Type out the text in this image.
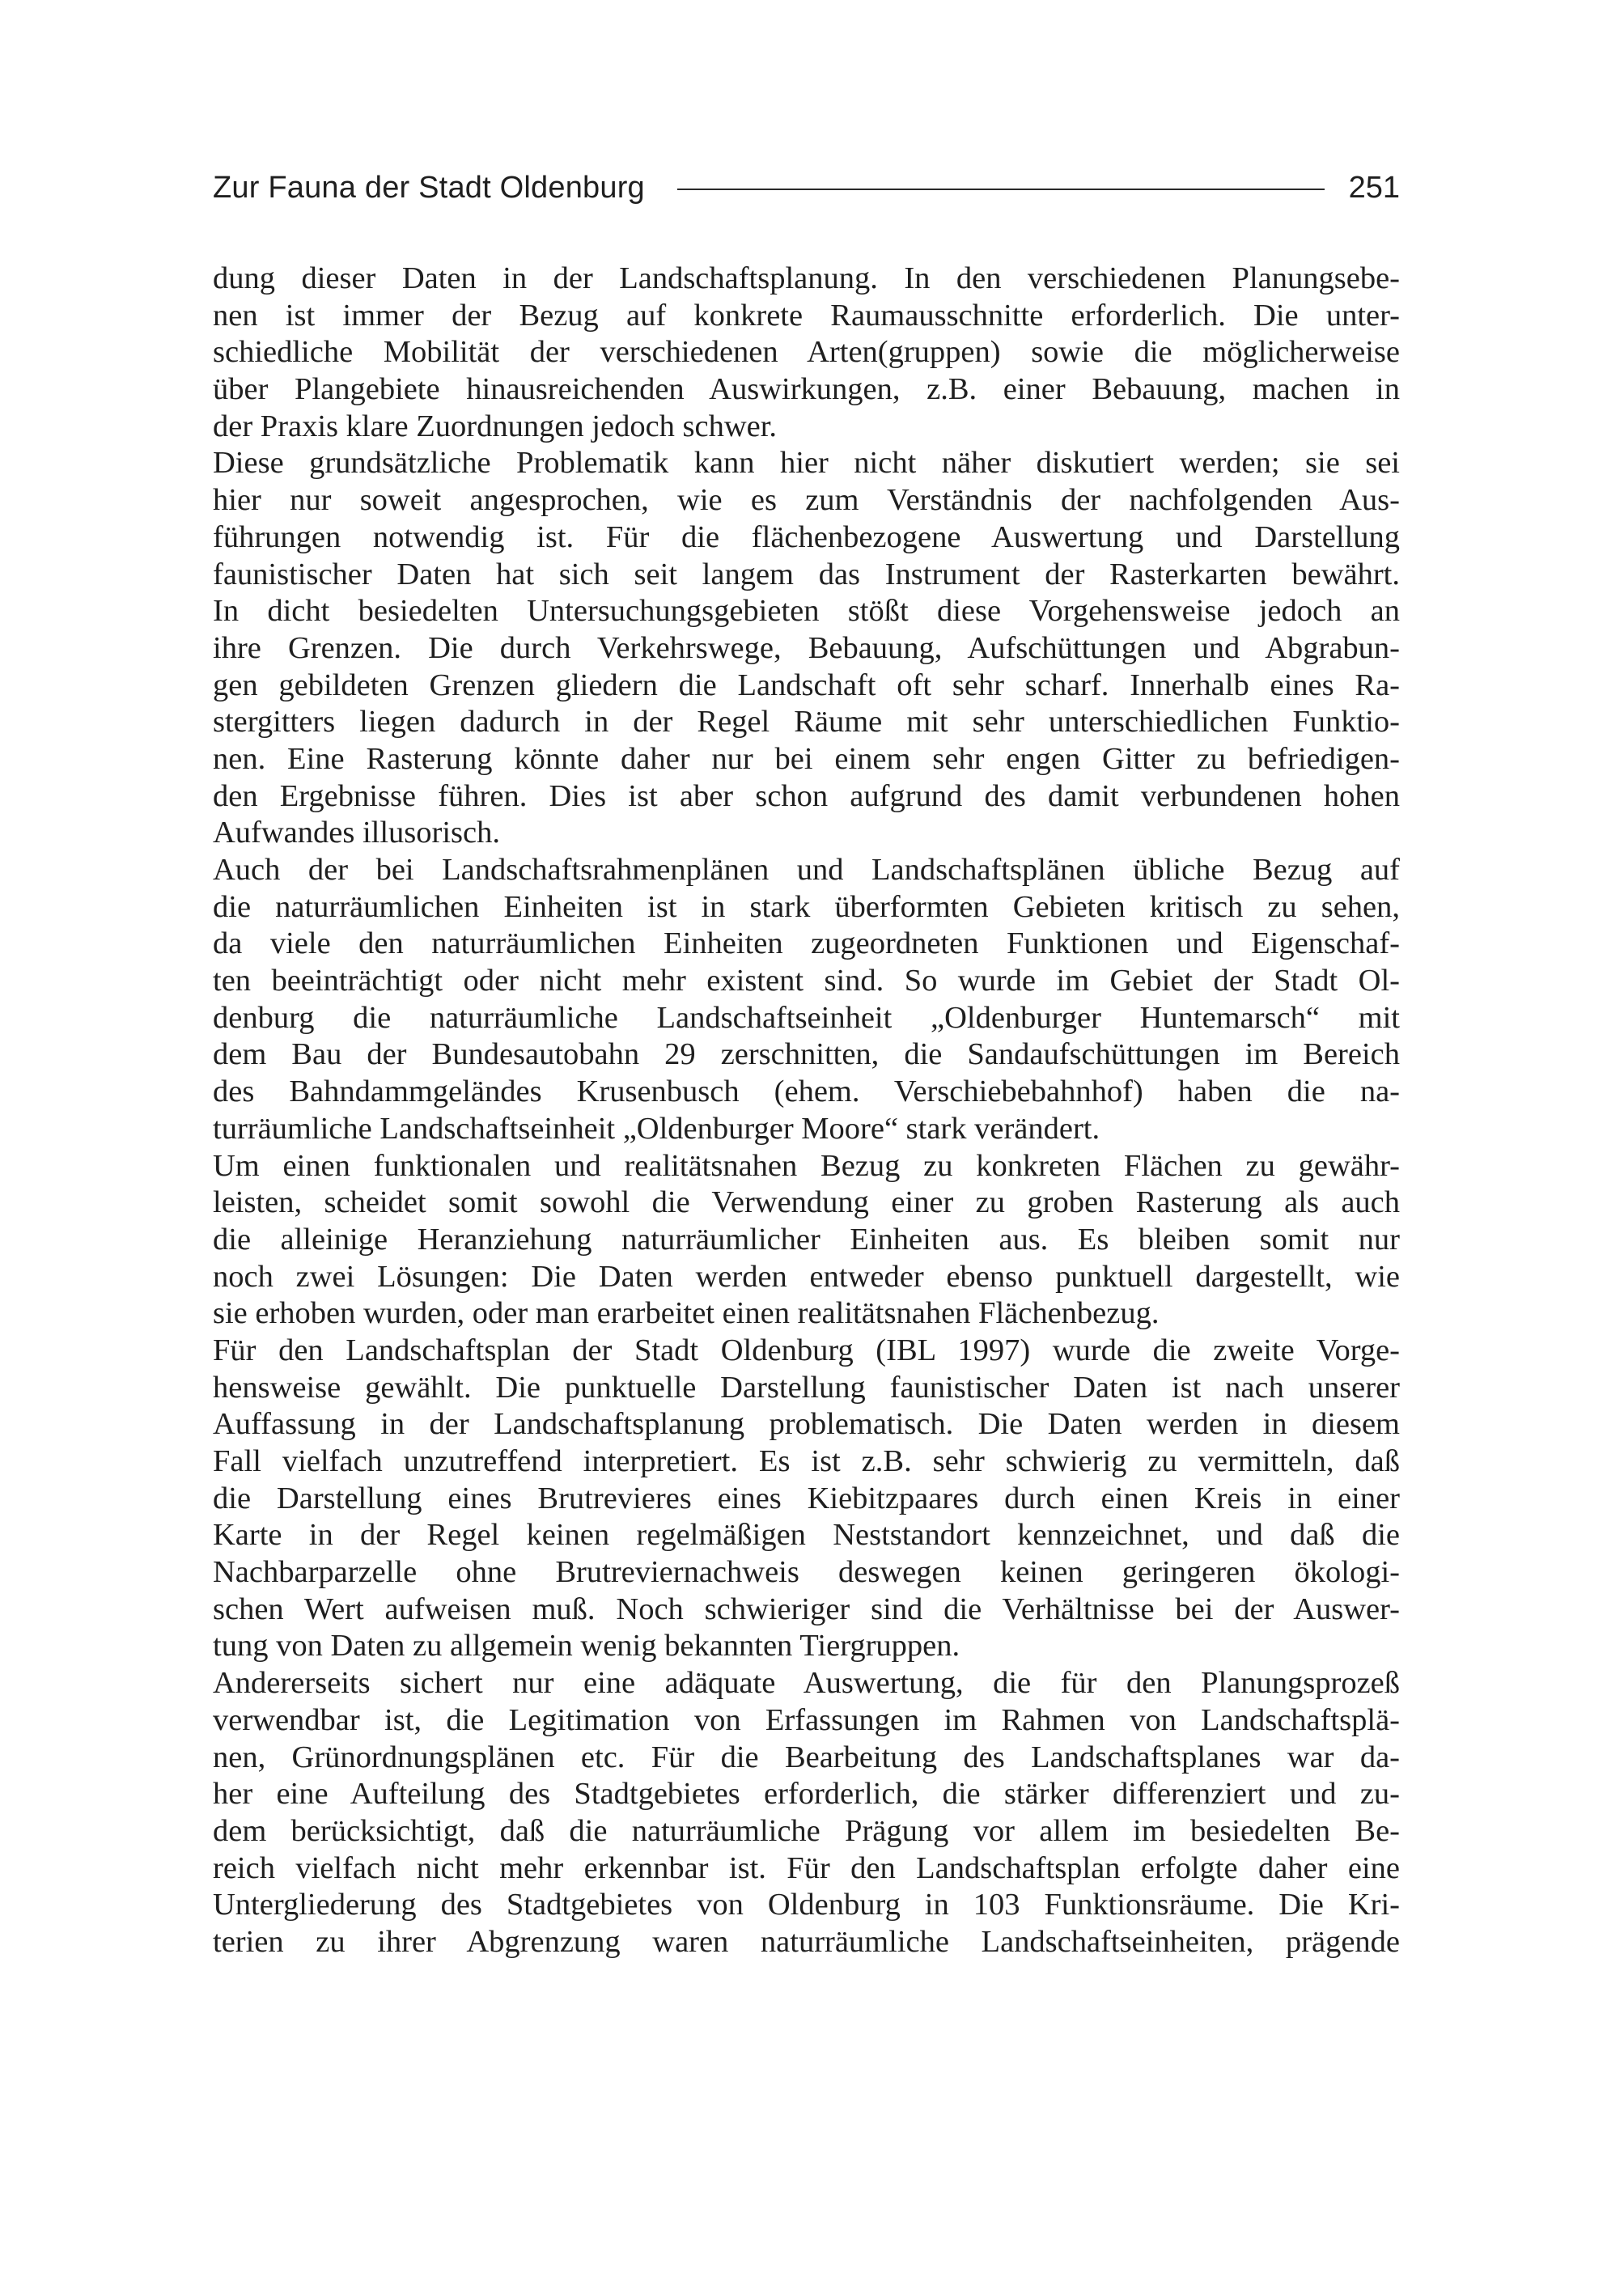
Zur Fauna der Stadt Oldenburg	251
dung dieser Daten in der Landschaftsplanung. In den verschiedenen Planungsebe-
nen ist immer der Bezug auf konkrete Raumausschnitte erforderlich. Die unter-
schiedliche Mobilität der verschiedenen Arten(gruppen) sowie die möglicherweise
über Plangebiete hinausreichenden Auswirkungen, z.B. einer Bebauung, machen in
der Praxis klare Zuordnungen jedoch schwer.
Diese grundsätzliche Problematik kann hier nicht näher diskutiert werden; sie sei
hier nur soweit angesprochen, wie es zum Verständnis der nachfolgenden Aus-
führungen notwendig ist. Für die flächenbezogene Auswertung und Darstellung
faunistischer Daten hat sich seit langem das Instrument der Rasterkarten bewährt.
In dicht besiedelten Untersuchungsgebieten stößt diese Vorgehensweise jedoch an
ihre Grenzen. Die durch Verkehrswege, Bebauung, Aufschüttungen und Abgrabun-
gen gebildeten Grenzen gliedern die Landschaft oft sehr scharf. Innerhalb eines Ra-
stergitters liegen dadurch in der Regel Räume mit sehr unterschiedlichen Funktio-
nen. Eine Rasterung könnte daher nur bei einem sehr engen Gitter zu befriedigen-
den Ergebnisse führen. Dies ist aber schon aufgrund des damit verbundenen hohen
Aufwandes illusorisch.
Auch der bei Landschaftsrahmenplänen und Landschaftsplänen übliche Bezug auf
die naturräumlichen Einheiten ist in stark überformten Gebieten kritisch zu sehen,
da viele den naturräumlichen Einheiten zugeordneten Funktionen und Eigenschaf-
ten beeinträchtigt oder nicht mehr existent sind. So wurde im Gebiet der Stadt Ol-
denburg die naturräumliche Landschaftseinheit „Oldenburger Huntemarsch“ mit
dem Bau der Bundesautobahn 29 zerschnitten, die Sandaufschüttungen im Bereich
des Bahndammgeländes Krusenbusch (ehem. Verschiebebahnhof) haben die na-
turräumliche Landschaftseinheit „Oldenburger Moore“ stark verändert.
Um einen funktionalen und realitätsnahen Bezug zu konkreten Flächen zu gewähr-
leisten, scheidet somit sowohl die Verwendung einer zu groben Rasterung als auch
die alleinige Heranziehung naturräumlicher Einheiten aus. Es bleiben somit nur
noch zwei Lösungen: Die Daten werden entweder ebenso punktuell dargestellt, wie
sie erhoben wurden, oder man erarbeitet einen realitätsnahen Flächenbezug.
Für den Landschaftsplan der Stadt Oldenburg (IBL 1997) wurde die zweite Vorge-
hensweise gewählt. Die punktuelle Darstellung faunistischer Daten ist nach unserer
Auffassung in der Landschaftsplanung problematisch. Die Daten werden in diesem
Fall vielfach unzutreffend interpretiert. Es ist z.B. sehr schwierig zu vermitteln, daß
die Darstellung eines Brutrevieres eines Kiebitzpaares durch einen Kreis in einer
Karte in der Regel keinen regelmäßigen Neststandort kennzeichnet, und daß die
Nachbarparzelle ohne Brutreviernachweis deswegen keinen geringeren ökologi-
schen Wert aufweisen muß. Noch schwieriger sind die Verhältnisse bei der Auswer-
tung von Daten zu allgemein wenig bekannten Tiergruppen.
Andererseits sichert nur eine adäquate Auswertung, die für den Planungsprozeß
verwendbar ist, die Legitimation von Erfassungen im Rahmen von Landschaftsplä-
nen, Grünordnungsplänen etc. Für die Bearbeitung des Landschaftsplanes war da-
her eine Aufteilung des Stadtgebietes erforderlich, die stärker differenziert und zu-
dem berücksichtigt, daß die naturräumliche Prägung vor allem im besiedelten Be-
reich vielfach nicht mehr erkennbar ist. Für den Landschaftsplan erfolgte daher eine
Untergliederung des Stadtgebietes von Oldenburg in 103 Funktionsräume. Die Kri-
terien zu ihrer Abgrenzung waren naturräumliche Landschaftseinheiten, prägende
